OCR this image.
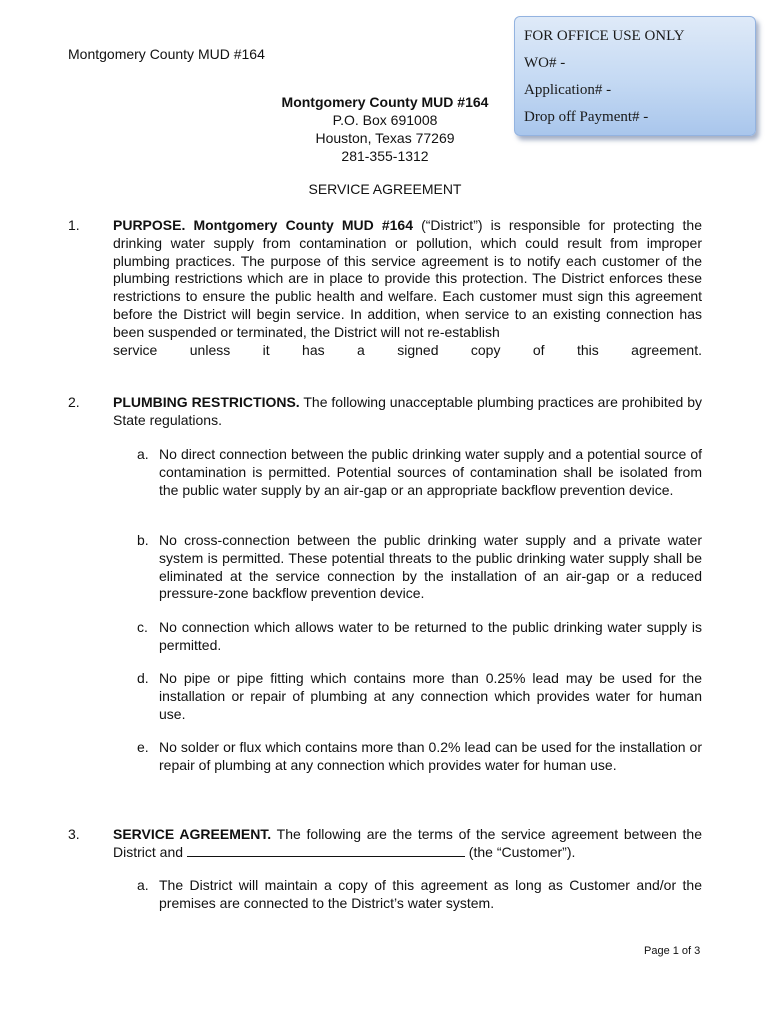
FOR OFFICE USE ONLY
WO# -
Application# -
Drop off Payment# -
Montgomery County MUD #164
Montgomery County MUD #164
P.O. Box 691008
Houston, Texas 77269
281-355-1312
SERVICE AGREEMENT
1. PURPOSE. Montgomery County MUD #164 (“District”) is responsible for protecting the drinking water supply from contamination or pollution, which could result from improper plumbing practices. The purpose of this service agreement is to notify each customer of the plumbing restrictions which are in place to provide this protection. The District enforces these restrictions to ensure the public health and welfare. Each customer must sign this agreement before the District will begin service. In addition, when service to an existing connection has been suspended or terminated, the District will not re-establish
service unless it has a signed copy of this agreement.
2. PLUMBING RESTRICTIONS. The following unacceptable plumbing practices are prohibited by State regulations.
a. No direct connection between the public drinking water supply and a potential source of contamination is permitted. Potential sources of contamination shall be isolated from the public water supply by an air-gap or an appropriate backflow prevention device.
b. No cross-connection between the public drinking water supply and a private water system is permitted. These potential threats to the public drinking water supply shall be eliminated at the service connection by the installation of an air-gap or a reduced pressure-zone backflow prevention device.
c. No connection which allows water to be returned to the public drinking water supply is permitted.
d. No pipe or pipe fitting which contains more than 0.25% lead may be used for the installation or repair of plumbing at any connection which provides water for human use.
e. No solder or flux which contains more than 0.2% lead can be used for the installation or repair of plumbing at any connection which provides water for human use.
3. SERVICE AGREEMENT. The following are the terms of the service agreement between the District and	(the “Customer”).
a. The District will maintain a copy of this agreement as long as Customer and/or the premises are connected to the District’s water system.
Page 1 of 3
